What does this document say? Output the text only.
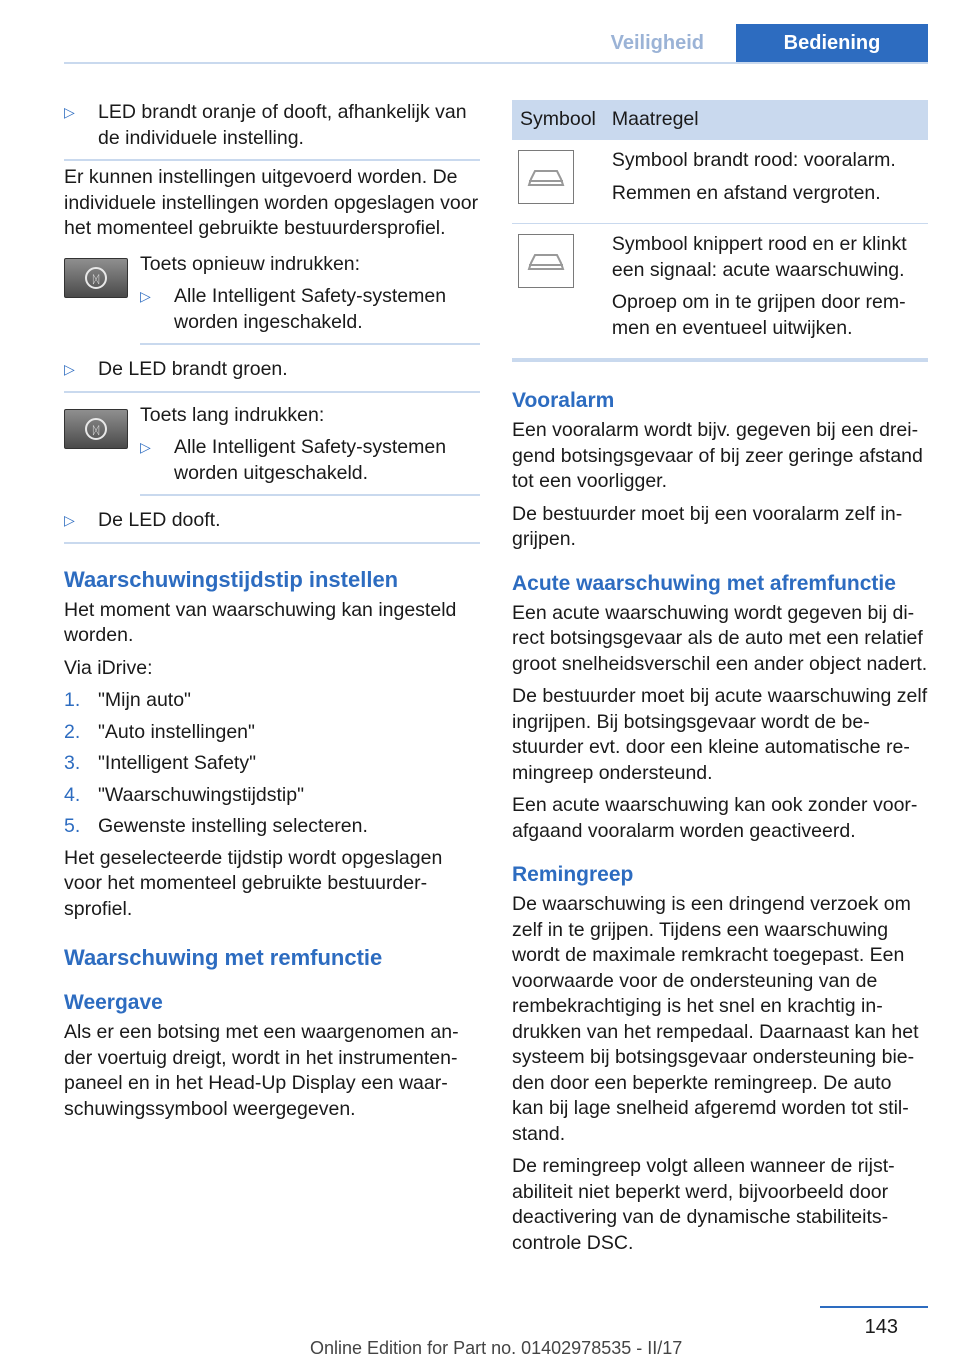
Veiligheid	Bediening
▷ LED brandt oranje of dooft, afhankelijk van de individuele instelling.

Er kunnen instellingen uitgevoerd worden. De individuele instellingen worden opgeslagen voor het momenteel gebruikte bestuurdersprofiel.

ᛞ

Toets opnieuw indrukken:

▷ Alle Intelligent Safety-systemen worden ingeschakeld.
▷ De LED brandt groen.
ᛞ

Toets lang indrukken:

▷ Alle Intelligent Safety-systemen worden uitgeschakeld.
▷ De LED dooft.
Waarschuwingstijdstip instellen

Het moment van waarschuwing kan ingesteld worden.

Via iDrive:

1. "Mijn auto"
2. "Auto instellingen"
3. "Intelligent Safety"
4. "Waarschuwingstijdstip"
5. Gewenste instelling selecteren.

Het geselecteerde tijdstip wordt opgeslagen voor het momenteel gebruikte bestuurdersprofiel.

Waarschuwing met remfunctie
Weergave

Als er een botsing met een waargenomen ander voertuig dreigt, wordt in het instrumentenpaneel en in het Head-Up Display een waarschuwingssymbool weergegeven.

Symbool	Maatregel

Symbool brandt rood: vooralarm.

Remmen en afstand vergroten.

Symbool knippert rood en er klinkt een signaal: acute waarschuwing.

Oproep om in te grijpen door remmen en eventueel uitwijken.

Vooralarm

Een vooralarm wordt bijv. gegeven bij een dreigend botsingsgevaar of bij zeer geringe afstand tot een voorligger.

De bestuurder moet bij een vooralarm zelf ingrijpen.

Acute waarschuwing met afremfunctie

Een acute waarschuwing wordt gegeven bij direct botsingsgevaar als de auto met een relatief groot snelheidsverschil een ander object nadert.

De bestuurder moet bij acute waarschuwing zelf ingrijpen. Bij botsingsgevaar wordt de bestuurder evt. door een kleine automatische remingreep ondersteund.

Een acute waarschuwing kan ook zonder voorafgaand vooralarm worden geactiveerd.

Remingreep

De waarschuwing is een dringend verzoek om zelf in te grijpen. Tijdens een waarschuwing wordt de maximale remkracht toegepast. Een voorwaarde voor de ondersteuning van de rembekrachtiging is het snel en krachtig indrukken van het rempedaal. Daarnaast kan het systeem bij botsingsgevaar ondersteuning bieden door een beperkte remingreep. De auto kan bij lage snelheid afgeremd worden tot stilstand.

De remingreep volgt alleen wanneer de rijstabiliteit niet beperkt werd, bijvoorbeeld door deactivering van de dynamische stabiliteitscontrole DSC.

143
Online Edition for Part no. 01402978535 - II/17
